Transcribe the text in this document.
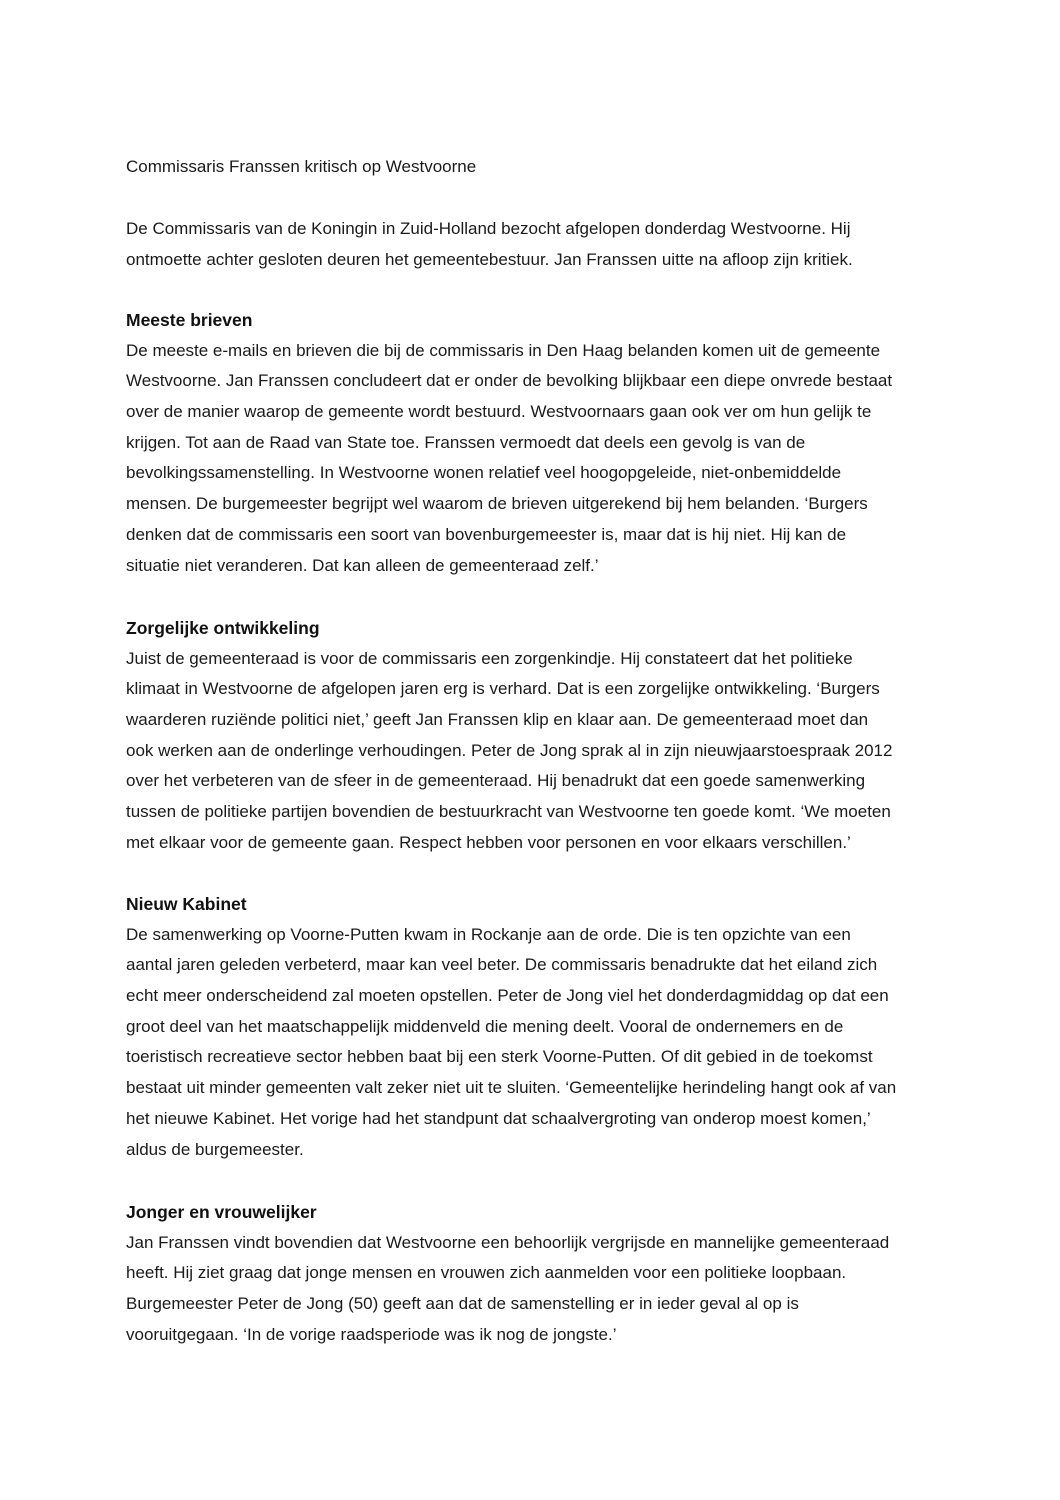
Commissaris Franssen kritisch op Westvoorne
De Commissaris van de Koningin in Zuid-Holland bezocht afgelopen donderdag Westvoorne. Hij
ontmoette achter gesloten deuren het gemeentebestuur. Jan Franssen uitte na afloop zijn kritiek.
Meeste brieven
De meeste e-mails en brieven die bij de commissaris in Den Haag belanden komen uit de gemeente
Westvoorne. Jan Franssen concludeert dat er onder de bevolking blijkbaar een diepe onvrede bestaat
over de manier waarop de gemeente wordt bestuurd. Westvoornaars gaan ook ver om hun gelijk te
krijgen. Tot aan de Raad van State toe. Franssen vermoedt dat deels een gevolg is van de
bevolkingssamenstelling. In Westvoorne wonen relatief veel hoogopgeleide, niet-onbemiddelde
mensen. De burgemeester begrijpt wel waarom de brieven uitgerekend bij hem belanden. ‘Burgers
denken dat de commissaris een soort van bovenburgemeester is, maar dat is hij niet. Hij kan de
situatie niet veranderen. Dat kan alleen de gemeenteraad zelf.’
Zorgelijke ontwikkeling
Juist de gemeenteraad is voor de commissaris een zorgenkindje. Hij constateert dat het politieke
klimaat in Westvoorne de afgelopen jaren erg is verhard. Dat is een zorgelijke ontwikkeling. ‘Burgers
waarderen ruziënde politici niet,’ geeft Jan Franssen klip en klaar aan. De gemeenteraad moet dan
ook werken aan de onderlinge verhoudingen. Peter de Jong sprak al in zijn nieuwjaarstoespraak 2012
over het verbeteren van de sfeer in de gemeenteraad. Hij benadrukt dat een goede samenwerking
tussen de politieke partijen bovendien de bestuurkracht van Westvoorne ten goede komt. ‘We moeten
met elkaar voor de gemeente gaan. Respect hebben voor personen en voor elkaars verschillen.’
Nieuw Kabinet
De samenwerking op Voorne-Putten kwam in Rockanje aan de orde. Die is ten opzichte van een
aantal jaren geleden verbeterd, maar kan veel beter. De commissaris benadrukte dat het eiland zich
echt meer onderscheidend zal moeten opstellen. Peter de Jong viel het donderdagmiddag op dat een
groot deel van het maatschappelijk middenveld die mening deelt. Vooral de ondernemers en de
toeristisch recreatieve sector hebben baat bij een sterk Voorne-Putten. Of dit gebied in de toekomst
bestaat uit minder gemeenten valt zeker niet uit te sluiten. ‘Gemeentelijke herindeling hangt ook af van
het nieuwe Kabinet. Het vorige had het standpunt dat schaalvergroting van onderop moest komen,’
aldus de burgemeester.
Jonger en vrouwelijker
Jan Franssen vindt bovendien dat Westvoorne een behoorlijk vergrijsde en mannelijke gemeenteraad
heeft. Hij ziet graag dat jonge mensen en vrouwen zich aanmelden voor een politieke loopbaan.
Burgemeester Peter de Jong (50) geeft aan dat de samenstelling er in ieder geval al op is
vooruitgegaan. ‘In de vorige raadsperiode was ik nog de jongste.’
